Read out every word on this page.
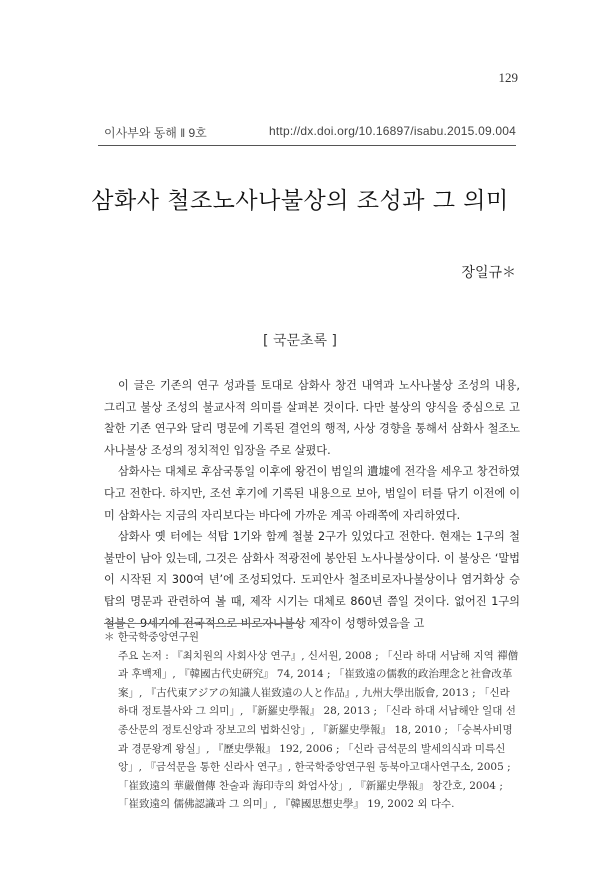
129
이사부와 동해 ‖ 9호	http://dx.doi.org/10.16897/isabu.2015.09.004
삼화사 철조노사나불상의 조성과 그 의미
장일규＊
[ 국문초록 ]

이 글은 기존의 연구 성과를 토대로 삼화사 창건 내역과 노사나불상 조성의 내용, 그리고 불상 조성의 불교사적 의미를 살펴본 것이다. 다만 불상의 양식을 중심으로 고찰한 기존 연구와 달리 명문에 기록된 결언의 행적, 사상 경향을 통해서 삼화사 철조노사나불상 조성의 정치적인 입장을 주로 살폈다.

삼화사는 대체로 후삼국통일 이후에 왕건이 범일의 遺墟에 전각을 세우고 창건하였다고 전한다. 하지만, 조선 후기에 기록된 내용으로 보아, 범일이 터를 닦기 이전에 이미 삼화사는 지금의 자리보다는 바다에 가까운 계곡 아래쪽에 자리하였다.

삼화사 옛 터에는 석탑 1기와 함께 철불 2구가 있었다고 전한다. 현재는 1구의 철불만이 남아 있는데, 그것은 삼화사 적광전에 봉안된 노사나불상이다. 이 불상은 ‘말법이 시작된 지 300여 년’에 조성되었다. 도피안사 철조비로자나불상이나 염거화상 승탑의 명문과 관련하여 볼 때, 제작 시기는 대체로 860년 쯤일 것이다. 없어진 1구의 철불은 9세기에 전국적으로 비로자나불상 제작이 성행하였음을 고

＊ 한국학중앙연구원

주요 논저 : 『최치원의 사회사상 연구』, 신서원, 2008 ; 「신라 하대 서남해 지역 禪僧과 후백제」, 『韓國古代史硏究』 74, 2014 ; 「崔致遠の儒敎的政治理念と社會改革案」, 『古代東アジアの知識人崔致遠の人と作品』, 九州大學出版會, 2013 ; 「신라 하대 정토불사와 그 의미」, 『新羅史學報』 28, 2013 ; 「신라 하대 서남해안 일대 선종산문의 정토신앙과 장보고의 법화신앙」, 『新羅史學報』 18, 2010 ; 「숭복사비명과 경문왕계 왕실」, 『歷史學報』 192, 2006 ; 「신라 금석문의 발세의식과 미륵신앙」, 『금석문을 통한 신라사 연구』, 한국학중앙연구원 동북아고대사연구소, 2005 ; 「崔致遠의 華嚴僧傳 찬술과 海印寺의 화엄사상」, 『新羅史學報』 창간호, 2004 ; 「崔致遠의 儒佛認識과 그 의미」, 『韓國思想史學』 19, 2002 외 다수.
